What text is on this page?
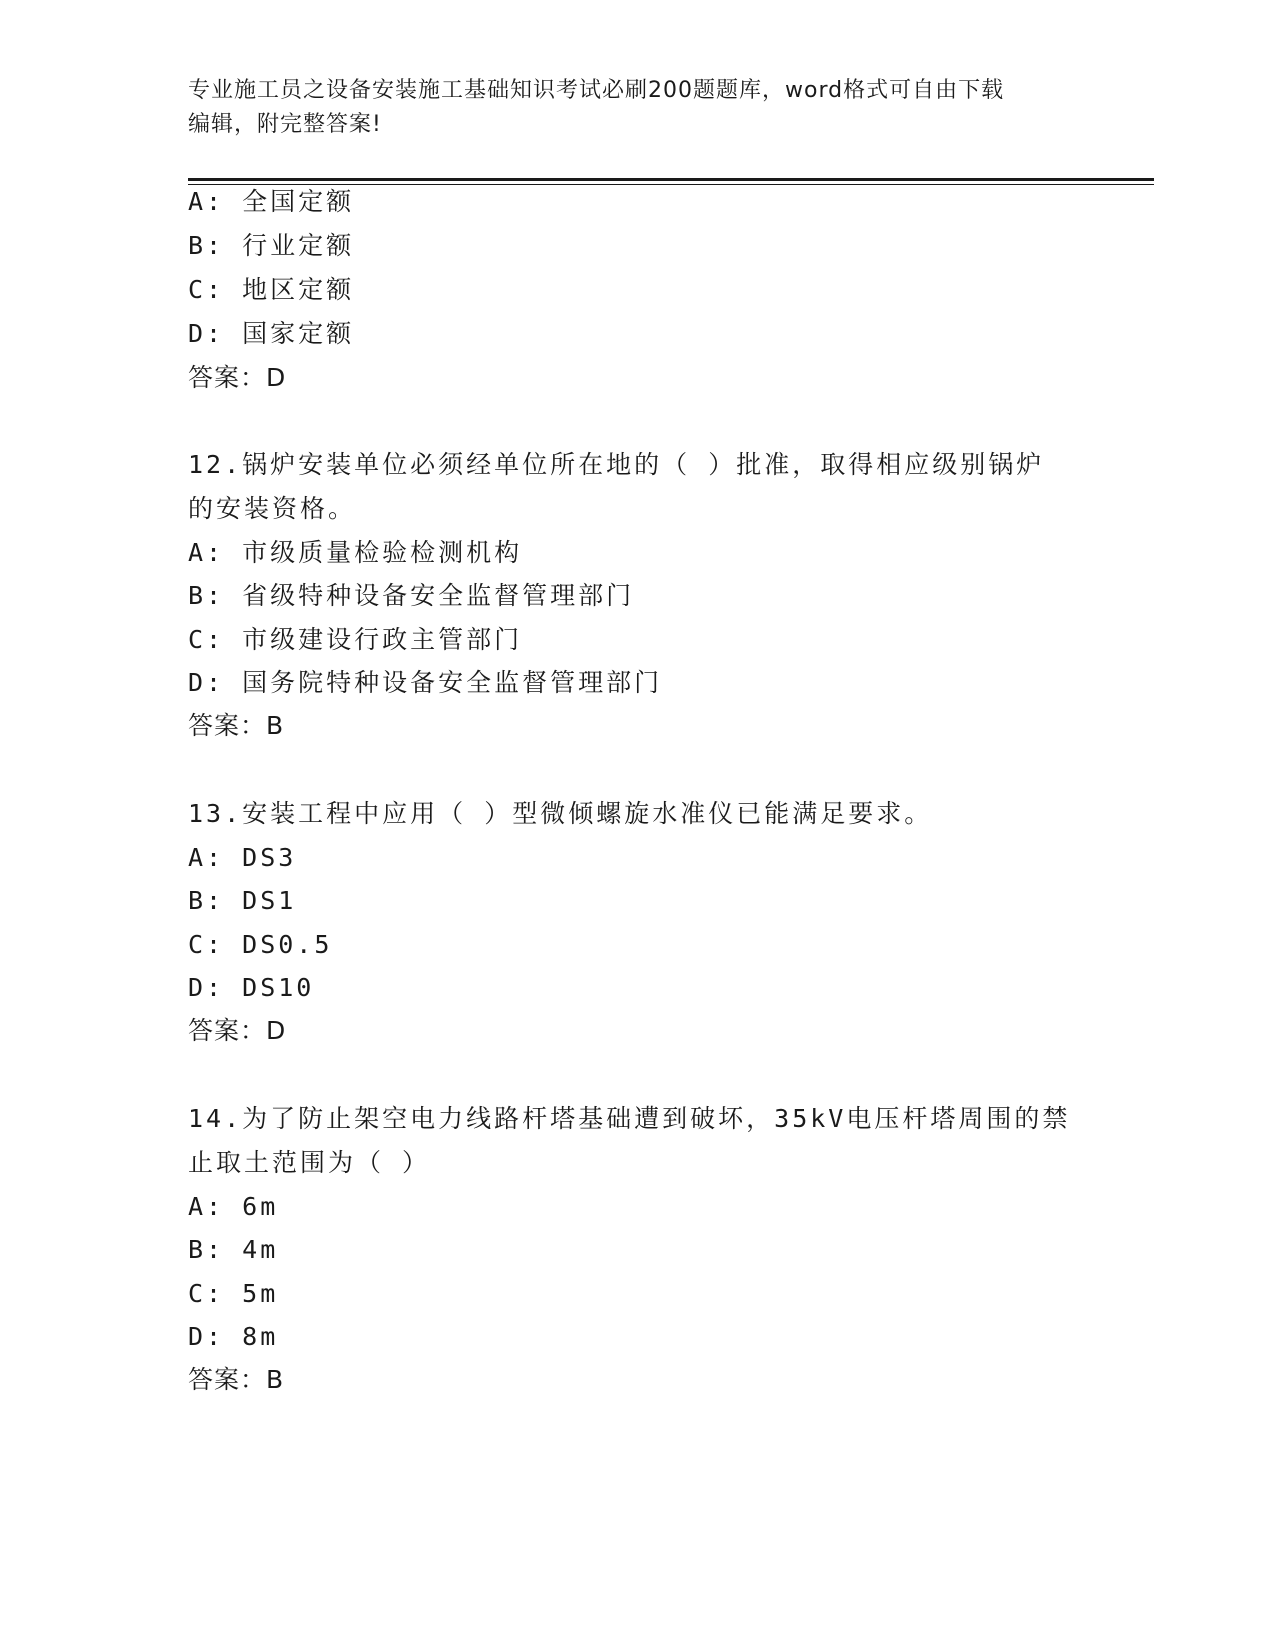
专业施工员之设备安装施工基础知识考试必刷200题题库，word格式可自由下载
编辑，附完整答案!
A: 全国定额
B: 行业定额
C: 地区定额
D: 国家定额
答案：D
12.锅炉安装单位必须经单位所在地的（ ）批准，取得相应级别锅炉
的安装资格。
A: 市级质量检验检测机构
B: 省级特种设备安全监督管理部门
C: 市级建设行政主管部门
D: 国务院特种设备安全监督管理部门
答案：B
13.安装工程中应用（ ）型微倾螺旋水准仪已能满足要求。
A: DS3
B: DS1
C: DS0.5
D: DS10
答案：D
14.为了防止架空电力线路杆塔基础遭到破坏，35kV电压杆塔周围的禁
止取土范围为（ ）
A: 6m
B: 4m
C: 5m
D: 8m
答案：B
